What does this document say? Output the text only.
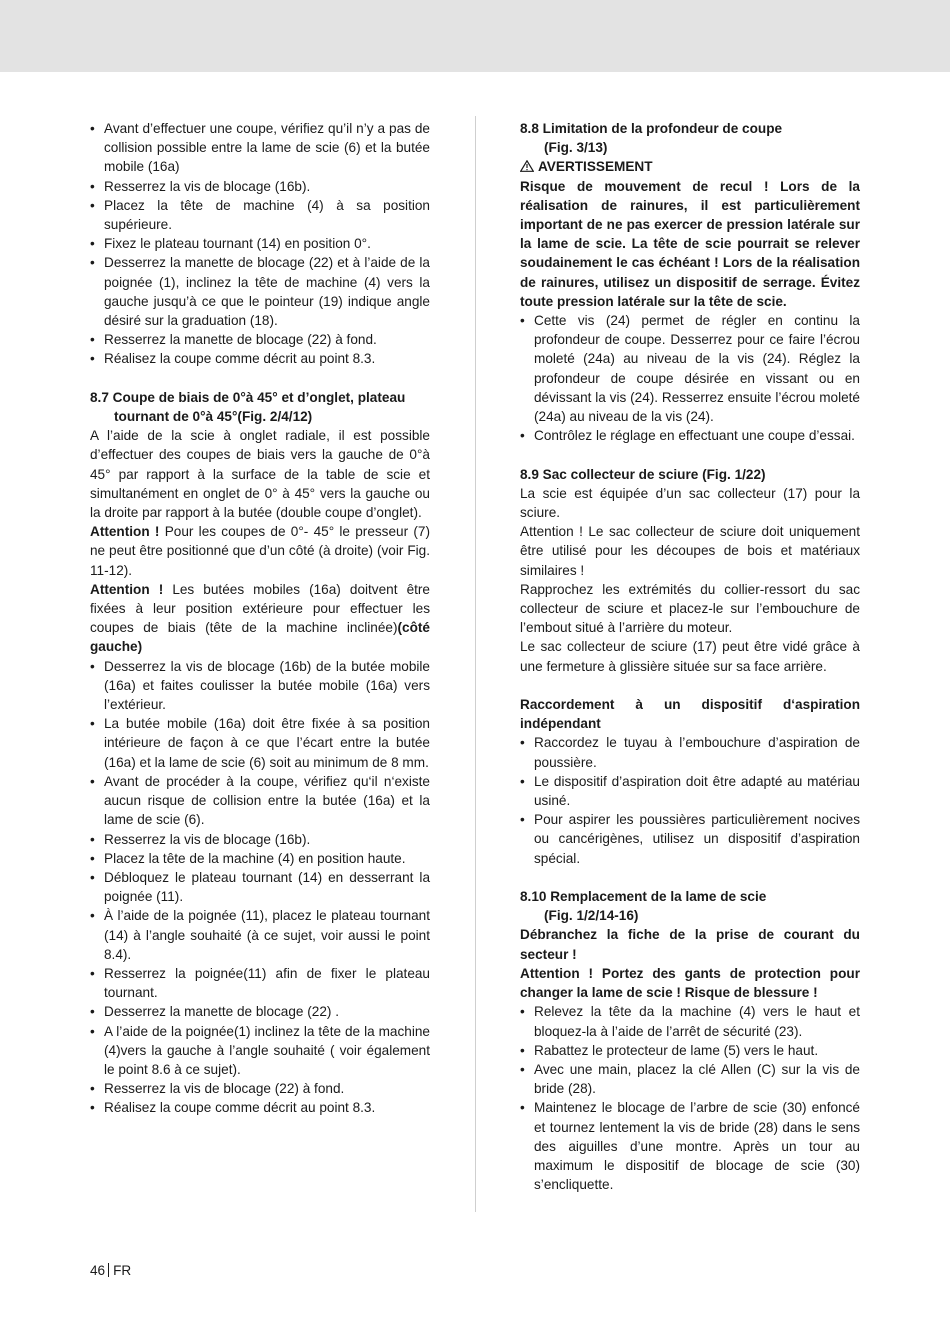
• Avant d’effectuer une coupe, vérifiez qu’il n’y a pas de collision possible entre la lame de scie (6) et la butée mobile (16a)
• Resserrez la vis de blocage (16b).
• Placez la tête de machine (4) à sa position supérieure.
• Fixez le plateau tournant (14) en position 0°.
• Desserrez la manette de blocage (22) et à l’aide de la poignée (1), inclinez la tête de machine (4) vers la gauche jusqu’à ce que le pointeur (19) indique angle désiré sur la graduation (18).
• Resserrez la manette de blocage (22) à fond.
• Réalisez la coupe comme décrit au point 8.3.
8.7 Coupe de biais de 0°à 45° et d’onglet, plateau
tournant de 0°à 45°(Fig. 2/4/12)

A l’aide de la scie à onglet radiale, il est possible d’effectuer des coupes de biais vers la gauche de 0°à 45° par rapport à la surface de la table de scie et simultanément en onglet de 0° à 45° vers la gauche ou la droite par rapport à la butée (double coupe d’onglet).

Attention ! Pour les coupes de 0°- 45° le presseur (7) ne peut être positionné que d’un côté (à droite) (voir Fig. 11-12).

Attention ! Les butées mobiles (16a) doitvent être fixées à leur position extérieure pour effectuer les coupes de biais (tête de la machine inclinée)(côté gauche)

• Desserrez la vis de blocage (16b) de la butée mobile (16a) et faites coulisser la butée mobile (16a) vers l’extérieur.
• La butée mobile (16a) doit être fixée à sa position intérieure de façon à ce que l’écart entre la butée (16a) et la lame de scie (6) soit au minimum de 8 mm.
• Avant de procéder à la coupe, vérifiez qu‘il n‘existe aucun risque de collision entre la butée (16a) et la lame de scie (6).
• Resserrez la vis de blocage (16b).
• Placez la tête de la machine (4) en position haute.
• Débloquez le plateau tournant (14) en desserrant la poignée (11).
• À l’aide de la poignée (11), placez le plateau tournant (14) à l’angle souhaité (à ce sujet, voir aussi le point 8.4).
• Resserrez la poignée(11) afin de fixer le plateau tournant.
• Desserrez la manette de blocage (22) .
• A l’aide de la poignée(1) inclinez la tête de la machine (4)vers la gauche à l’angle souhaité ( voir également le point 8.6 à ce sujet).
• Resserrez la vis de blocage (22) à fond.
• Réalisez la coupe comme décrit au point 8.3.
8.8 Limitation de la profondeur de coupe
(Fig. 3/13)
AVERTISSEMENT

Risque de mouvement de recul ! Lors de la réalisation de rainures, il est particulièrement important de ne pas exercer de pression latérale sur la lame de scie. La tête de scie pourrait se relever soudainement le cas échéant ! Lors de la réalisation de rainures, utilisez un dispositif de serrage. Évitez toute pression latérale sur la tête de scie.

• Cette vis (24) permet de régler en continu la profondeur de coupe. Desserrez pour ce faire l’écrou moleté (24a) au niveau de la vis (24). Réglez la profondeur de coupe désirée en vissant ou en dévissant la vis (24). Resserrez ensuite l’écrou moleté (24a) au niveau de la vis (24).
• Contrôlez le réglage en effectuant une coupe d’essai.
8.9 Sac collecteur de sciure (Fig. 1/22)

La scie est équipée d’un sac collecteur (17) pour la sciure.

Attention ! Le sac collecteur de sciure doit uniquement être utilisé pour les découpes de bois et matériaux similaires !

Rapprochez les extrémités du collier-ressort du sac collecteur de sciure et placez-le sur l’embouchure de l’embout situé à l’arrière du moteur.

Le sac collecteur de sciure (17) peut être vidé grâce à une fermeture à glissière située sur sa face arrière.

Raccordement à un dispositif d‘aspiration indépendant

• Raccordez le tuyau à l’embouchure d’aspiration de poussière.
• Le dispositif d’aspiration doit être adapté au matériau usiné.
• Pour aspirer les poussières particulièrement nocives ou cancérigènes, utilisez un dispositif d’aspiration spécial.
8.10 Remplacement de la lame de scie
(Fig. 1/2/14-16)

Débranchez la fiche de la prise de courant du secteur !

Attention ! Portez des gants de protection pour changer la lame de scie ! Risque de blessure !

• Relevez la tête da la machine (4) vers le haut et bloquez-la à l’aide de l’arrêt de sécurité (23).
• Rabattez le protecteur de lame (5) vers le haut.
• Avec une main, placez la clé Allen (C) sur la vis de bride (28).
• Maintenez le blocage de l’arbre de scie (30) enfoncé et tournez lentement la vis de bride (28) dans le sens des aiguilles d’une montre. Après un tour au maximum le dispositif de blocage de scie (30) s’encliquette.
46 FR
